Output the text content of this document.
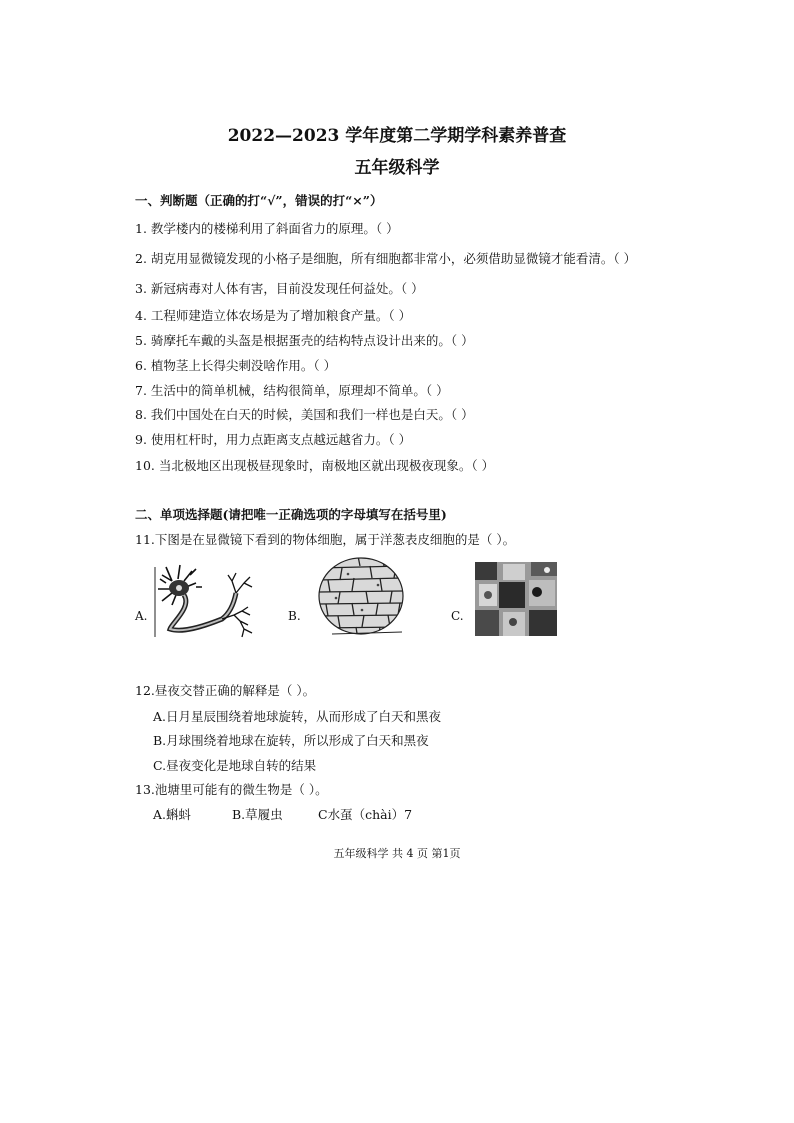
2022—2023 学年度第二学期学科素养普查
五年级科学
一、判断题（正确的打“√”，错误的打“×”）
1. 教学楼内的楼梯利用了斜面省力的原理。（ ）
2. 胡克用显微镜发现的小格子是细胞，所有细胞都非常小，必须借助显微镜才能看清。（ ）
3. 新冠病毒对人体有害，目前没发现任何益处。（ ）
4. 工程师建造立体农场是为了增加粮食产量。（ ）
5. 骑摩托车戴的头盔是根据蛋壳的结构特点设计出来的。（ ）
6. 植物茎上长得尖刺没啥作用。（ ）
7. 生活中的简单机械，结构很简单，原理却不简单。（ ）
8. 我们中国处在白天的时候，美国和我们一样也是白天。（ ）
9. 使用杠杆时，用力点距离支点越远越省力。（ ）
10. 当北极地区出现极昼现象时，南极地区就出现极夜现象。（ ）
二、单项选择题(请把唯一正确选项的字母填写在括号里)
11.下图是在显微镜下看到的物体细胞，属于洋葱表皮细胞的是（ ）。
A.	B.	C.
12.昼夜交替正确的解释是（ ）。
A.日月星辰围绕着地球旋转，从而形成了白天和黑夜
B.月球围绕着地球在旋转，所以形成了白天和黑夜
C.昼夜变化是地球自转的结果
13.池塘里可能有的微生物是（ ）。
A.蝌蚪	B.草履虫	C水虿（chài）7
五年级科学 共 4 页 第1页
